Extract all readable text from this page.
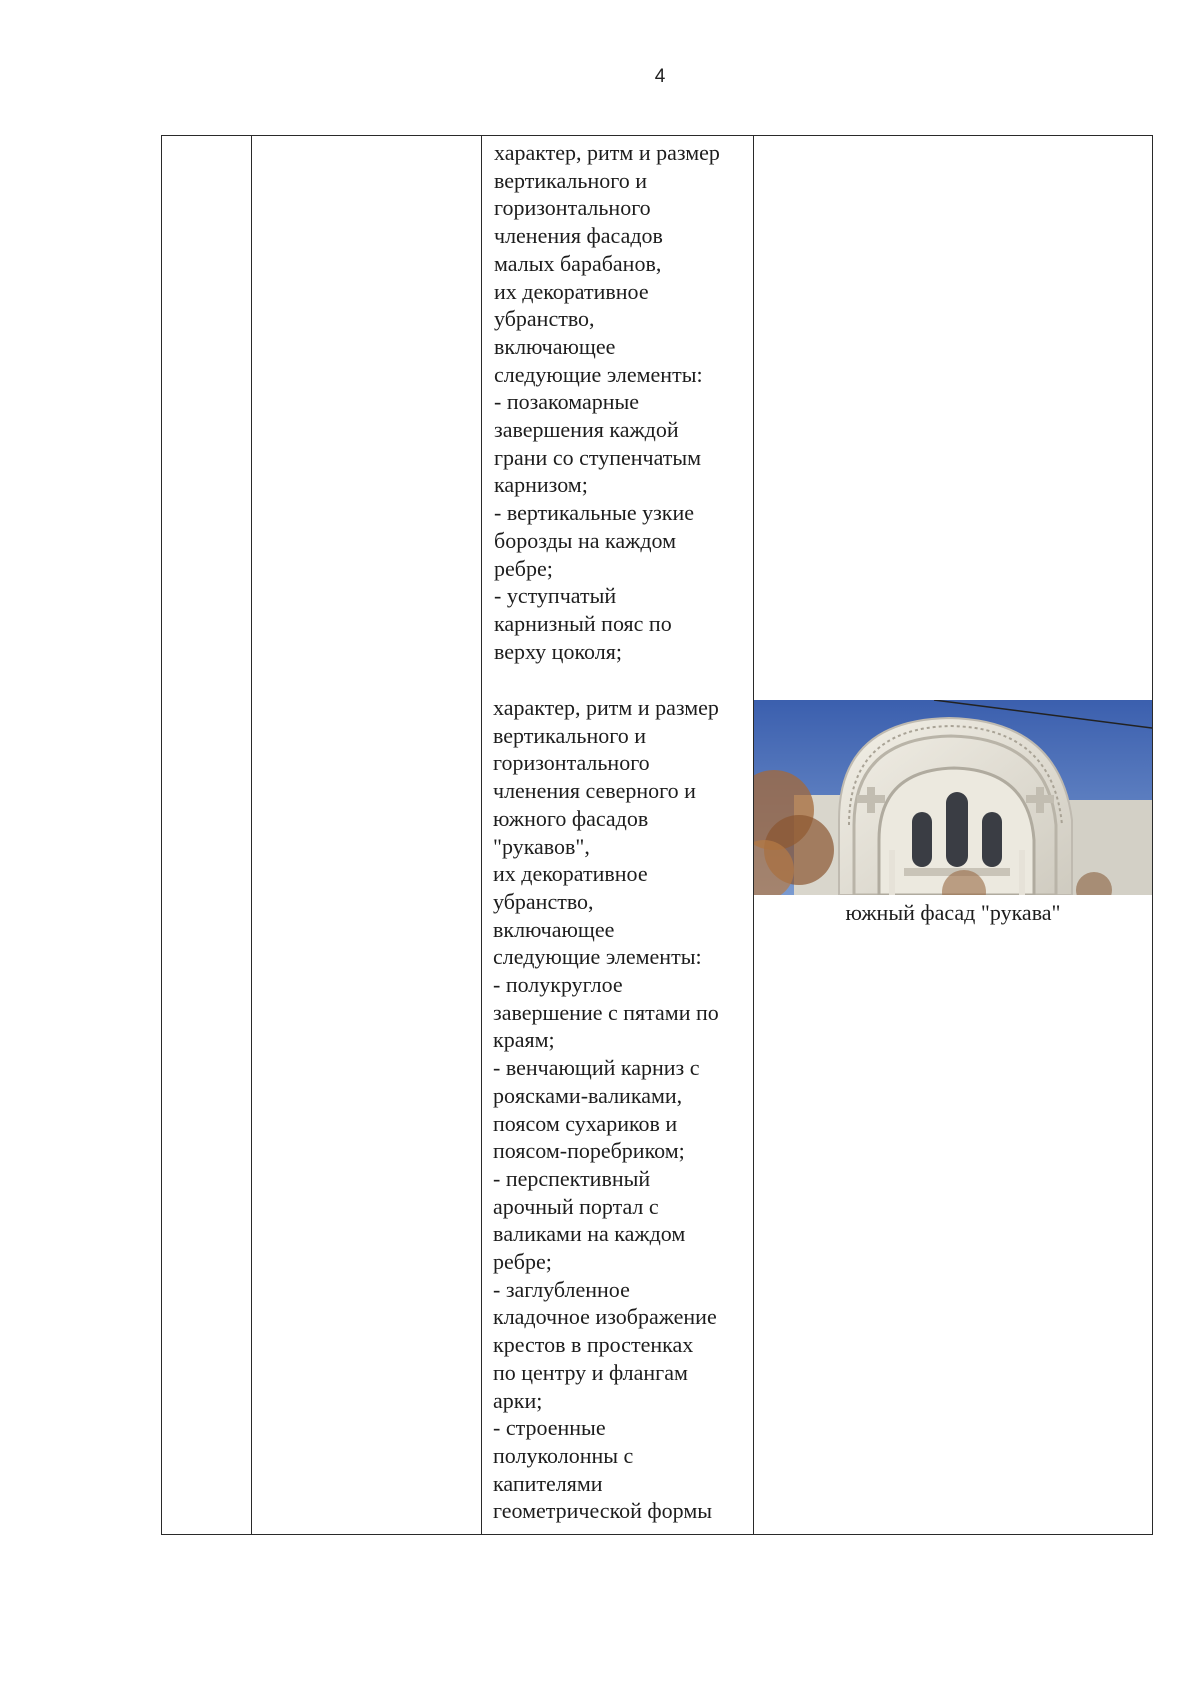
4
характер, ритм и размер
вертикального и
горизонтального
членения фасадов
малых барабанов,
их декоративное
убранство,
включающее
следующие элементы:
- позакомарные
завершения каждой
грани со ступенчатым
карнизом;
- вертикальные узкие
борозды на каждом
ребре;
- уступчатый
карнизный пояс по
верху цоколя;
характер, ритм и размер
вертикального и
горизонтального
членения северного и
южного фасадов
"рукавов",
их декоративное
убранство,
включающее
следующие элементы:
- полукруглое
завершение с пятами по
краям;
- венчающий карниз с
poясками-валиками,
поясом сухариков и
поясом-поребриком;
- перспективный
арочный портал с
вaликами на каждом
ребре;
- заглубленное
кладочное изображение
крестов в простенках
по центру и флангам
арки;
- строенные
полуколонны с
капителями
геометрической формы
южный фасад "рукава"
